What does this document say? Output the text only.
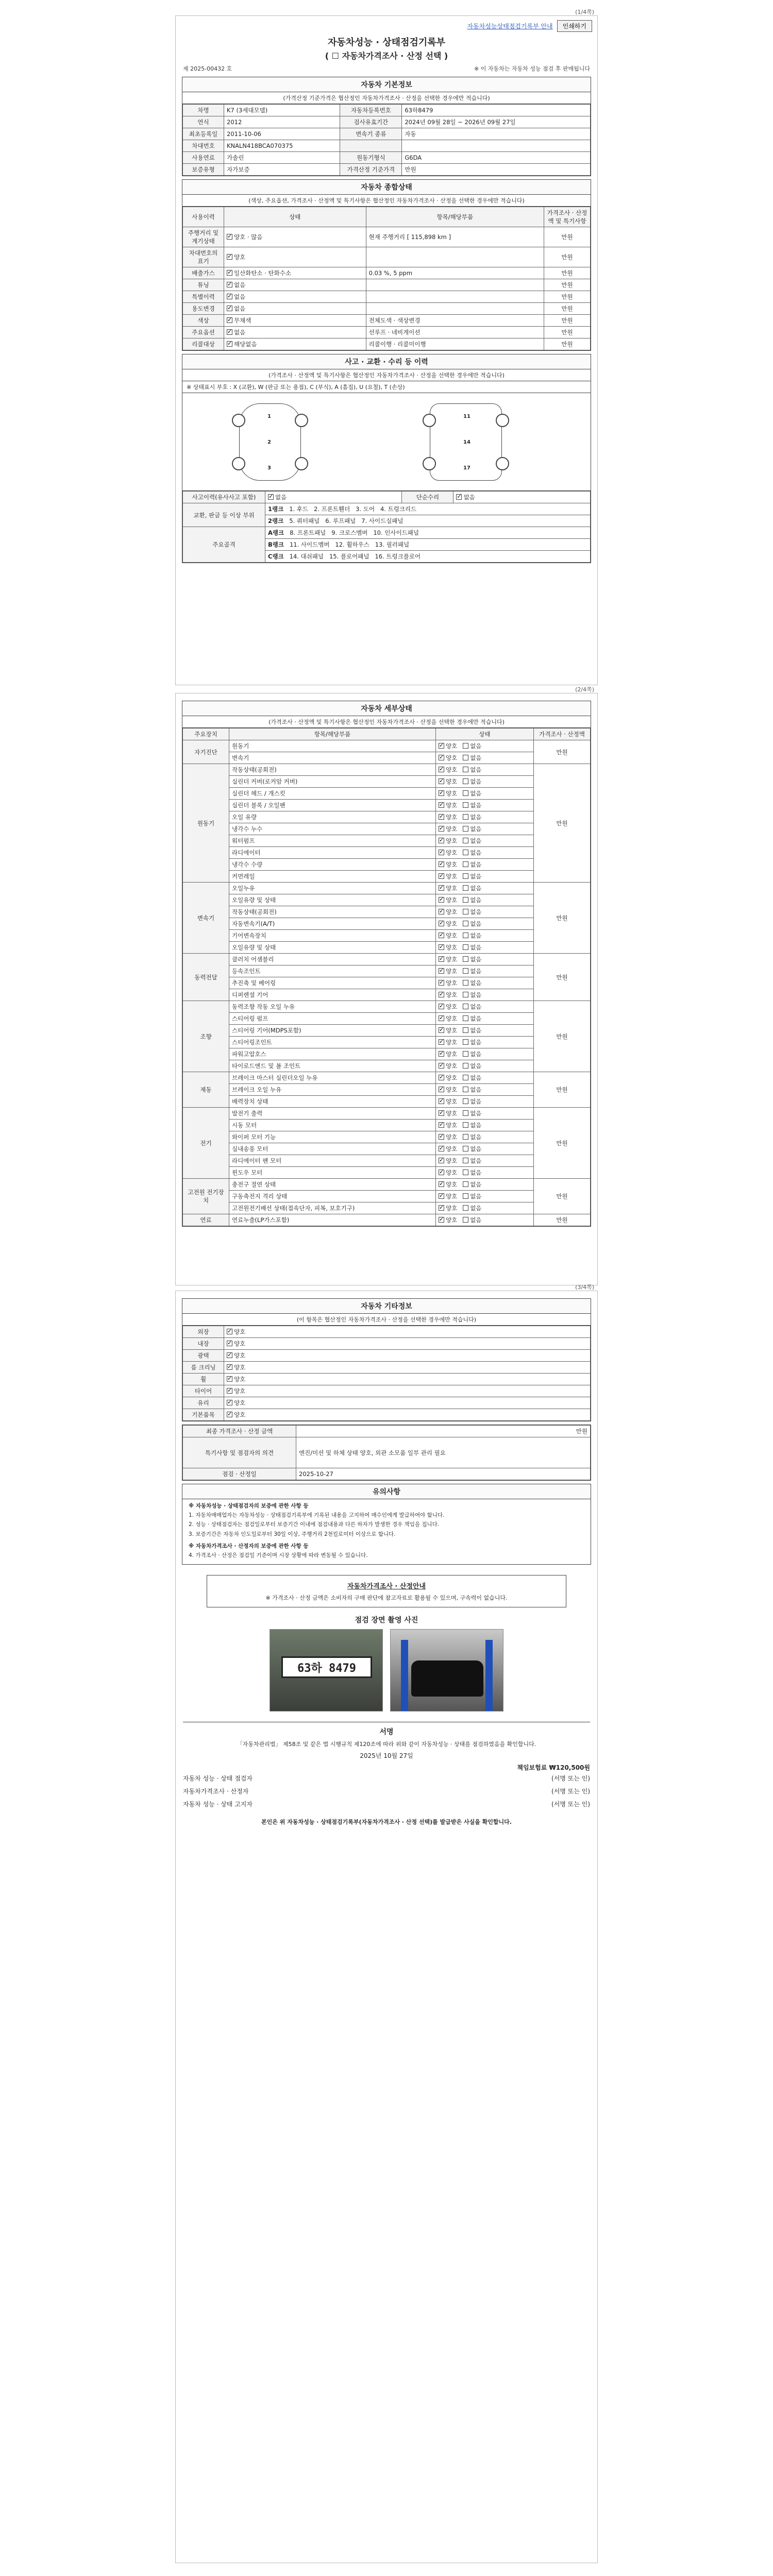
(1/4쪽)
자동차성능상태점검기록부 안내	인쇄하기
자동차성능 · 상태점검기록부
( ☐ 자동차가격조사 · 산정 선택 )
제 2025-00432 호	※ 이 자동차는 자동차 성능 점검 후 판매됩니다
자동차 기본정보
(가격산정 기준가격은 협산정인 자동차가격조사 · 산정을 선택한 경우에만 적습니다)
차명	K7 (3세대모델)	자동차등록번호	63하8479
연식	2012	검사유효기간	2024년 09월 28일 ~ 2026년 09월 27일
최초등록일	2011-10-06	변속기 종류	자동
차대번호	KNALN418BCA070375		
사용연료	가솔린	원동기형식	G6DA
보증유형	자가보증	가격산정 기준가격	만원
자동차 종합상태
(색상, 주요옵션, 가격조사 · 산정액 및 특기사항은 협산정인 자동차가격조사 · 산정을 선택한 경우에만 적습니다)
사용이력	상태	항목/해당부품	가격조사 · 산정액 및 특기사항
주행거리 및 계기상태	✓양호 · 많음	현재 주행거리 [ 115,898 km ]	만원
차대번호의 표기	✓양호		만원
배출가스	✓일산화탄소 · 탄화수소	0.03 %, 5 ppm	만원
튜닝	✓없음		만원
특별이력	✓없음		만원
용도변경	✓없음		만원
색상	✓무채색	전체도색 · 색상변경	만원
주요옵션	✓없음	선루프 · 네비게이션	만원
리콜대상	✓해당없음	리콜이행 · 리콜미이행	만원
사고 · 교환 · 수리 등 이력
(가격조사 · 산정액 및 특기사항은 협산정인 자동차가격조사 · 산정을 선택한 경우에만 적습니다)
※ 상태표시 부호 : X (교환), W (판금 또는 용접), C (부식), A (흠집), U (요철), T (손상)
1
2
3
11
14
17
사고이력(유사사고 포함)	✓없음	단순수리	✓없음
교환, 판금 등 이상 부위	1랭크   1. 후드   2. 프론트휀더   3. 도어   4. 트렁크리드		
	2랭크   5. 쿼터패널   6. 루프패널   7. 사이드실패널		
주요골격	A랭크   8. 프론트패널   9. 크로스멤버   10. 인사이드패널		
	B랭크   11. 사이드멤버   12. 휠하우스   13. 필러패널		
	C랭크   14. 대쉬패널   15. 플로어패널   16. 트렁크플로어		
(2/4쪽)
자동차 세부상태
(가격조사 · 산정액 및 특기사항은 협산정인 자동차가격조사 · 산정을 선택한 경우에만 적습니다)
주요장치	항목/해당부품	상태	가격조사 · 산정액
자기진단	원동기	✓양호 없음	만원
	변속기	✓양호 없음
원동기	작동상태(공회전)	✓양호 없음	만원
	실린더 커버(로커암 커버)	✓양호 없음
	실린더 헤드 / 개스킷	✓양호 없음
	실린더 블록 / 오일팬	✓양호 없음
	오일 유량	✓양호 없음
	냉각수 누수	✓양호 없음
	워터펌프	✓양호 없음
	라디에이터	✓양호 없음
	냉각수 수량	✓양호 없음
	커먼레일	✓양호 없음
변속기	오일누유	✓양호 없음	만원
	오일유량 및 상태	✓양호 없음
	작동상태(공회전)	✓양호 없음
	자동변속기(A/T)	✓양호 없음
	기어변속장치	✓양호 없음
	오일유량 및 상태	✓양호 없음
동력전달	클러치 어셈블리	✓양호 없음	만원
	등속조인트	✓양호 없음
	추진축 및 베어링	✓양호 없음
	디퍼렌셜 기어	✓양호 없음
조향	동력조향 작동 오일 누유	✓양호 없음	만원
	스티어링 펌프	✓양호 없음
	스티어링 기어(MDPS포함)	✓양호 없음
	스티어링조인트	✓양호 없음
	파워고압호스	✓양호 없음
	타이로드엔드 및 볼 조인트	✓양호 없음
제동	브레이크 마스터 실린더오일 누유	✓양호 없음	만원
	브레이크 오일 누유	✓양호 없음
	배력장치 상태	✓양호 없음
전기	발전기 출력	✓양호 없음	만원
	시동 모터	✓양호 없음
	와이퍼 모터 기능	✓양호 없음
	실내송풍 모터	✓양호 없음
	라디에이터 팬 모터	✓양호 없음
	윈도우 모터	✓양호 없음
고전원 전기장치	충전구 절연 상태	✓양호 없음	만원
	구동축전지 격리 상태	✓양호 없음
	고전원전기배선 상태(접속단자, 피복, 보호기구)	✓양호 없음
연료	연료누출(LP가스포함)	✓양호 없음	만원
(3/4쪽)
자동차 기타정보
(이 항목은 협산정인 자동차가격조사 · 산정을 선택한 경우에만 적습니다)
외장	✓양호
내장	✓양호
광택	✓양호
룸 크리닝	✓양호
휠	✓양호
타이어	✓양호
유리	✓양호
기본품목	✓양호
최종 가격조사 · 산정 금액	만원
특기사항 및 점검자의 의견	엔진/미션 및 하체 상태 양호, 외관 소모품 일부 관리 필요
점검 · 산정일	2025-10-27
유의사항

※ 자동차성능 · 상태점검자의 보증에 관한 사항 등

1. 자동차매매업자는 자동차성능 · 상태점검기록부에 기록된 내용을 고지하여 매수인에게 발급하여야 합니다.

2. 성능 · 상태점검자는 점검일로부터 보증기간 이내에 점검내용과 다른 하자가 발생한 경우 책임을 집니다.

3. 보증기간은 자동차 인도일로부터 30일 이상, 주행거리 2천킬로미터 이상으로 합니다.

※ 자동차가격조사 · 산정자의 보증에 관한 사항 등

4. 가격조사 · 산정은 점검일 기준이며 시장 상황에 따라 변동될 수 있습니다.

자동차가격조사 · 산정안내
※ 가격조사 · 산정 금액은 소비자의 구매 판단에 참고자료로 활용될 수 있으며, 구속력이 없습니다.
점검 장면 촬영 사진
63하 8479
서명

「자동차관리법」 제58조 및 같은 법 시행규칙 제120조에 따라 위와 같이 자동차성능 · 상태를 점검하였음을 확인합니다.

2025년 10월 27일

책임보험료 ₩120,500원

자동차 성능 · 상태 점검자	(서명 또는 인)
자동차가격조사 · 산정자	(서명 또는 인)
자동차 성능 · 상태 고지자	(서명 또는 인)
본인은 위 자동차성능 · 상태점검기록부(자동차가격조사 · 산정 선택)를 발급받은 사실을 확인합니다.
